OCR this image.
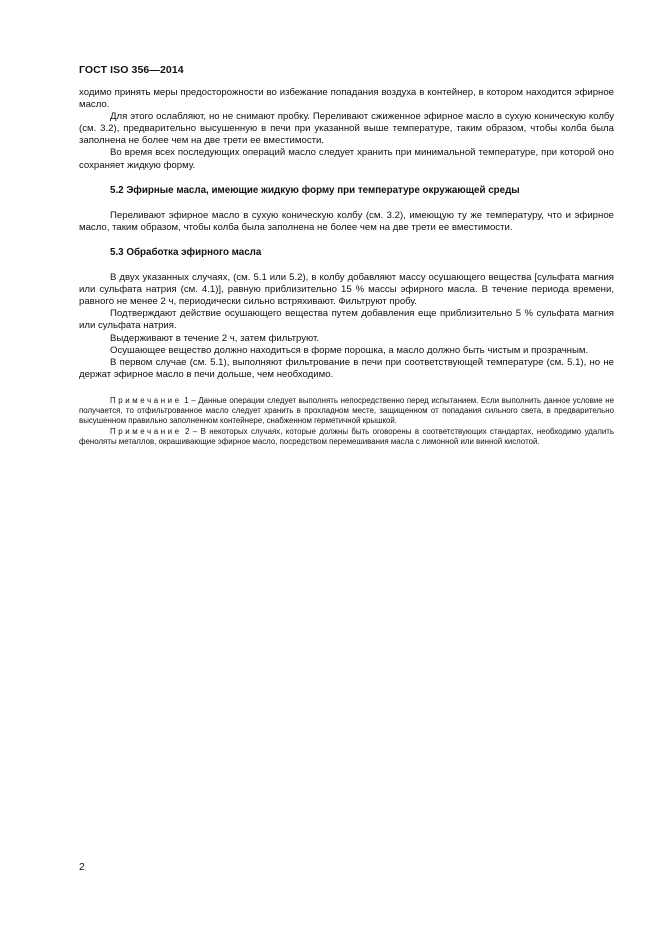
ГОСТ ISO 356—2014

ходимо принять меры предосторожности во избежание попадания воздуха в контейнер, в котором находится эфирное масло.

Для этого ослабляют, но не снимают пробку. Переливают сжиженное эфирное масло в сухую коническую колбу (см. 3.2), предварительно высушенную в печи при указанной выше температуре, таким образом, чтобы колба была заполнена не более чем на две трети ее вместимости.

Во время всех последующих операций масло следует хранить при минимальной температуре, при которой оно сохраняет жидкую форму.

5.2 Эфирные масла, имеющие жидкую форму при температуре окружающей среды

Переливают эфирное масло в сухую коническую колбу (см. 3.2), имеющую ту же температуру, что и эфирное масло, таким образом, чтобы колба была заполнена не более чем на две трети ее вместимости.

5.3 Обработка эфирного масла

В двух указанных случаях, (см. 5.1 или 5.2), в колбу добавляют массу осушающего вещества [сульфата магния или сульфата натрия (см. 4.1)], равную приблизительно 15 % массы эфирного масла. В течение периода времени, равного не менее 2 ч, периодически сильно встряхивают. Фильтруют пробу.

Подтверждают действие осушающего вещества путем добавления еще приблизительно 5 % сульфата магния или сульфата натрия.

Выдерживают в течение 2 ч, затем фильтруют.

Осушающее вещество должно находиться в форме порошка, а масло должно быть чистым и прозрачным.

В первом случае (см. 5.1), выполняют фильтрование в печи при соответствующей температуре (см. 5.1), но не держат эфирное масло в печи дольше, чем необходимо.

Примечание 1 – Данные операции следует выполнять непосредственно перед испытанием. Если выполнить данное условие не получается, то отфильтрованное масло следует хранить в прохладном месте, защищенном от попадания сильного света, в предварительно высушенном правильно заполненном контейнере, снабженном герметичной крышкой.

Примечание 2 – В некоторых случаях, которые должны быть оговорены в соответствующих стандартах, необходимо удалить феноляты металлов, окрашивающие эфирное масло, посредством перемешивания масла с лимонной или винной кислотой.

2
